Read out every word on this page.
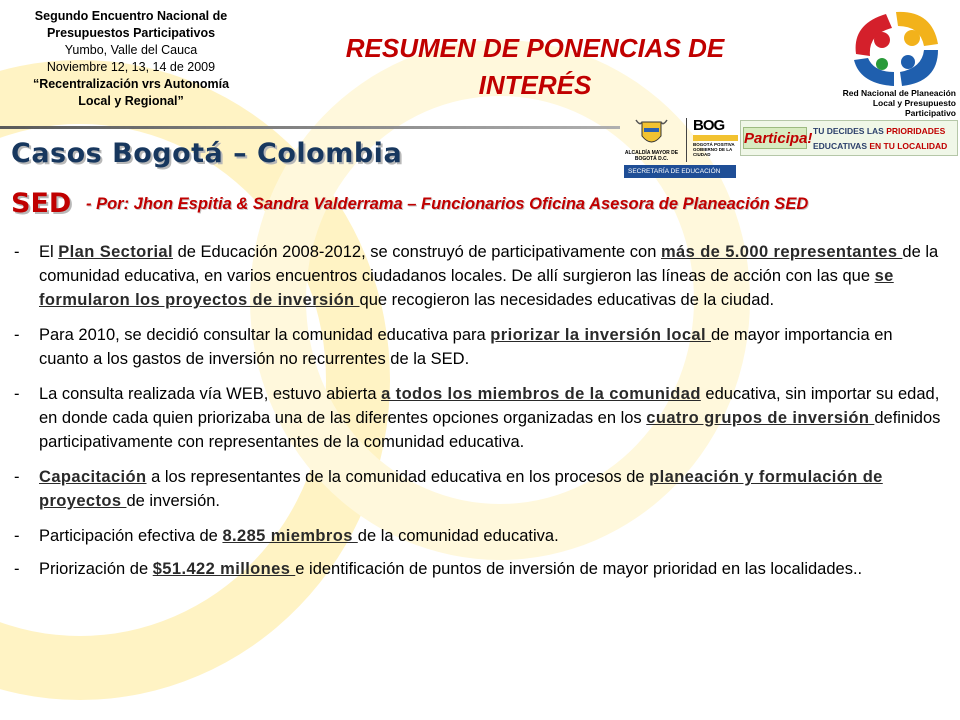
Segundo Encuentro Nacional de
Presupuestos Participativos
Yumbo, Valle del Cauca
Noviembre 12, 13, 14 de 2009
“Recentralización vrs Autonomía
Local y Regional”
RESUMEN DE PONENCIAS DE
INTERÉS
Casos Bogotá – Colombia
SED - Por: Jhon Espitia & Sandra Valderrama – Funcionarios Oficina Asesora de Planeación SED
ALCALDÍA MAYOR DE BOGOTÁ D.C.
BOG
BOGOTÁ POSITIVA
GOBIERNO DE LA CIUDAD
SECRETARÍA DE EDUCACIÓN
Participa! TU DECIDES LAS PRIORIDADES
EDUCATIVAS EN TU LOCALIDAD
Red Nacional de Planeación
Local y Presupuesto Participativo
- El Plan Sectorial de Educación 2008-2012, se construyó de participativamente con más de 5.000 representantes de la comunidad educativa, en varios encuentros ciudadanos locales. De allí surgieron las líneas de acción con las que se formularon los proyectos de inversión que recogieron las necesidades educativas de la ciudad.
- Para 2010, se decidió consultar la comunidad educativa para priorizar la inversión local de mayor importancia en cuanto a los gastos de inversión no recurrentes de la SED.
- La consulta realizada vía WEB, estuvo abierta a todos los miembros de la comunidad educativa, sin importar su edad, en donde cada quien priorizaba una de las diferentes opciones organizadas en los cuatro grupos de inversión definidos participativamente con representantes de la comunidad educativa.
- Capacitación a los representantes de la comunidad educativa en los procesos de planeación y formulación de proyectos de inversión.
- Participación efectiva de 8.285 miembros de la comunidad educativa.
- Priorización de $51.422 millones e identificación de puntos de inversión de mayor prioridad en las localidades..
